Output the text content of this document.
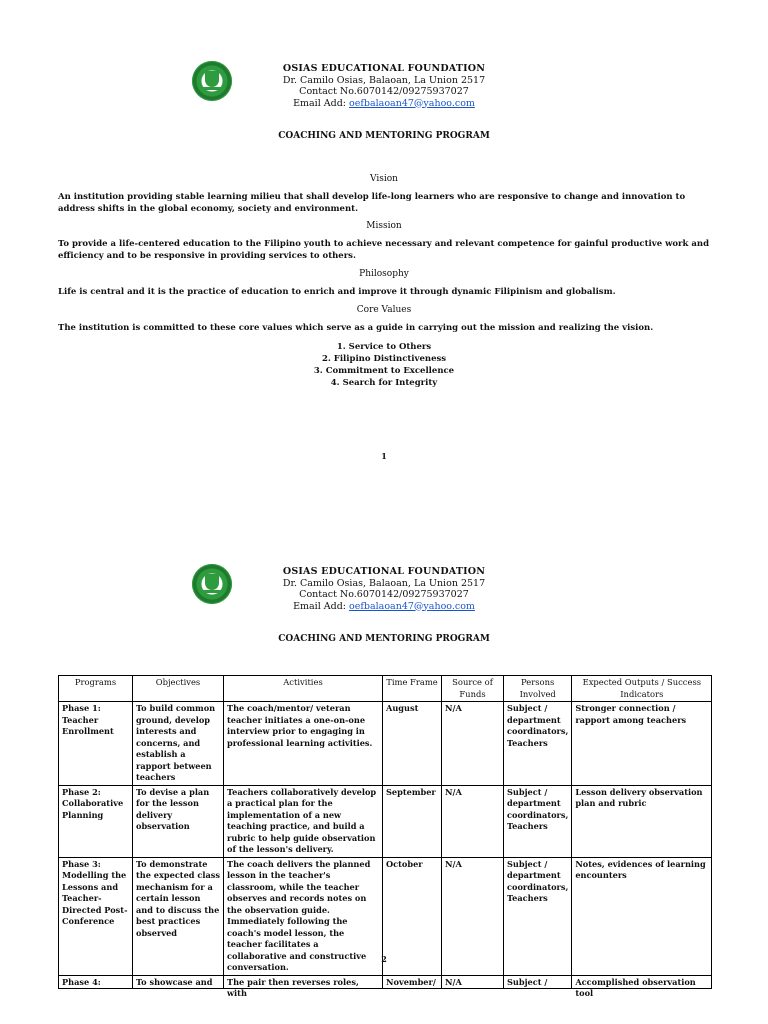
OSIAS EDUCATIONAL FOUNDATION
Dr. Camilo Osias, Balaoan, La Union 2517
Contact No.6070142/09275937027
Email Add: oefbalaoan47@yahoo.com
COACHING AND MENTORING PROGRAM
Vision
An institution providing stable learning milieu that shall develop life-long learners who are responsive to change and innovation to address shifts in the global economy, society and environment.
Mission
To provide a life-centered education to the Filipino youth to achieve necessary and relevant competence for gainful productive work and efficiency and to be responsive in providing services to others.
Philosophy
Life is central and it is the practice of education to enrich and improve it through dynamic Filipinism and globalism.
Core Values
The institution is committed to these core values which serve as a guide in carrying out the mission and realizing the vision.
1. Service to Others
2. Filipino Distinctiveness
3. Commitment to Excellence
4. Search for Integrity
1
OSIAS EDUCATIONAL FOUNDATION
Dr. Camilo Osias, Balaoan, La Union 2517
Contact No.6070142/09275937027
Email Add: oefbalaoan47@yahoo.com
COACHING AND MENTORING PROGRAM
Programs	Objectives	Activities	Time Frame	Source of Funds	Persons Involved	Expected Outputs / Success Indicators
Phase 1: Teacher Enrollment	To build common ground, develop interests and concerns, and establish a rapport between teachers	The coach/mentor/ veteran teacher initiates a one-on-one interview prior to engaging in professional learning activities.	August	N/A	Subject / department coordinators, Teachers	Stronger connection / rapport among teachers
Phase 2: Collaborative Planning	To devise a plan for the lesson delivery observation	Teachers collaboratively develop a practical plan for the implementation of a new teaching practice, and build a rubric to help guide observation of the lesson's delivery.	September	N/A	Subject / department coordinators, Teachers	Lesson delivery observation plan and rubric
Phase 3: Modelling the Lessons and Teacher-Directed Post-Conference	To demonstrate the expected class mechanism for a certain lesson and to discuss the best practices observed	The coach delivers the planned lesson in the teacher's classroom, while the teacher observes and records notes on the observation guide. Immediately following the coach's model lesson, the teacher facilitates a collaborative and constructive conversation.	October	N/A	Subject / department coordinators, Teachers	Notes, evidences of learning encounters

Phase 4:	To showcase and	The pair then reverses roles, with	November/	N/A	Subject /	Accomplished observation tool
2
